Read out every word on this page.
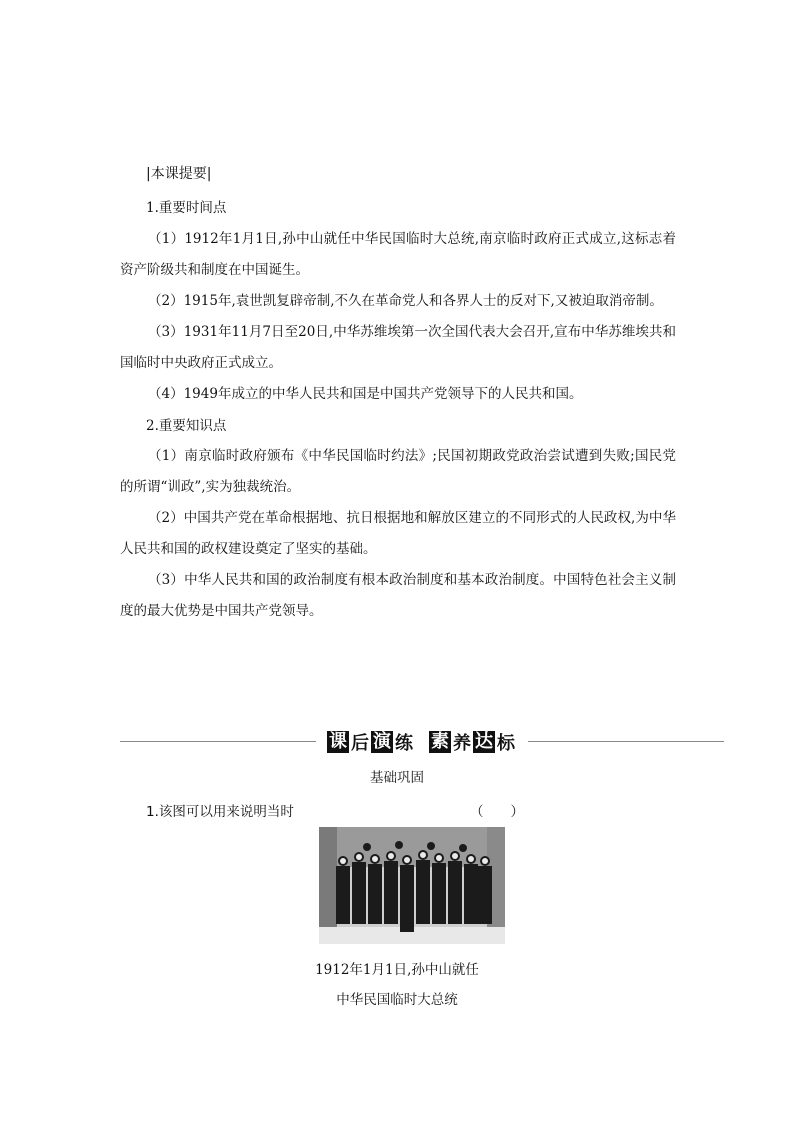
|本课提要|
1.重要时间点
（1）1912年1月1日,孙中山就任中华民国临时大总统,南京临时政府正式成立,这标志着资产阶级共和制度在中国诞生。
（2）1915年,袁世凯复辟帝制,不久在革命党人和各界人士的反对下,又被迫取消帝制。
（3）1931年11月7日至20日,中华苏维埃第一次全国代表大会召开,宣布中华苏维埃共和国临时中央政府正式成立。
（4）1949年成立的中华人民共和国是中国共产党领导下的人民共和国。
2.重要知识点
（1）南京临时政府颁布《中华民国临时约法》;民国初期政党政治尝试遭到失败;国民党的所谓“训政”,实为独裁统治。
（2）中国共产党在革命根据地、抗日根据地和解放区建立的不同形式的人民政权,为中华人民共和国的政权建设奠定了坚实的基础。
（3）中华人民共和国的政治制度有根本政治制度和基本政治制度。中国特色社会主义制度的最大优势是中国共产党领导。
课 后 演 练 素 养 达 标
基础巩固
1.该图可以用来说明当时	（　　）
1912年1月1日,孙中山就任
中华民国临时大总统
